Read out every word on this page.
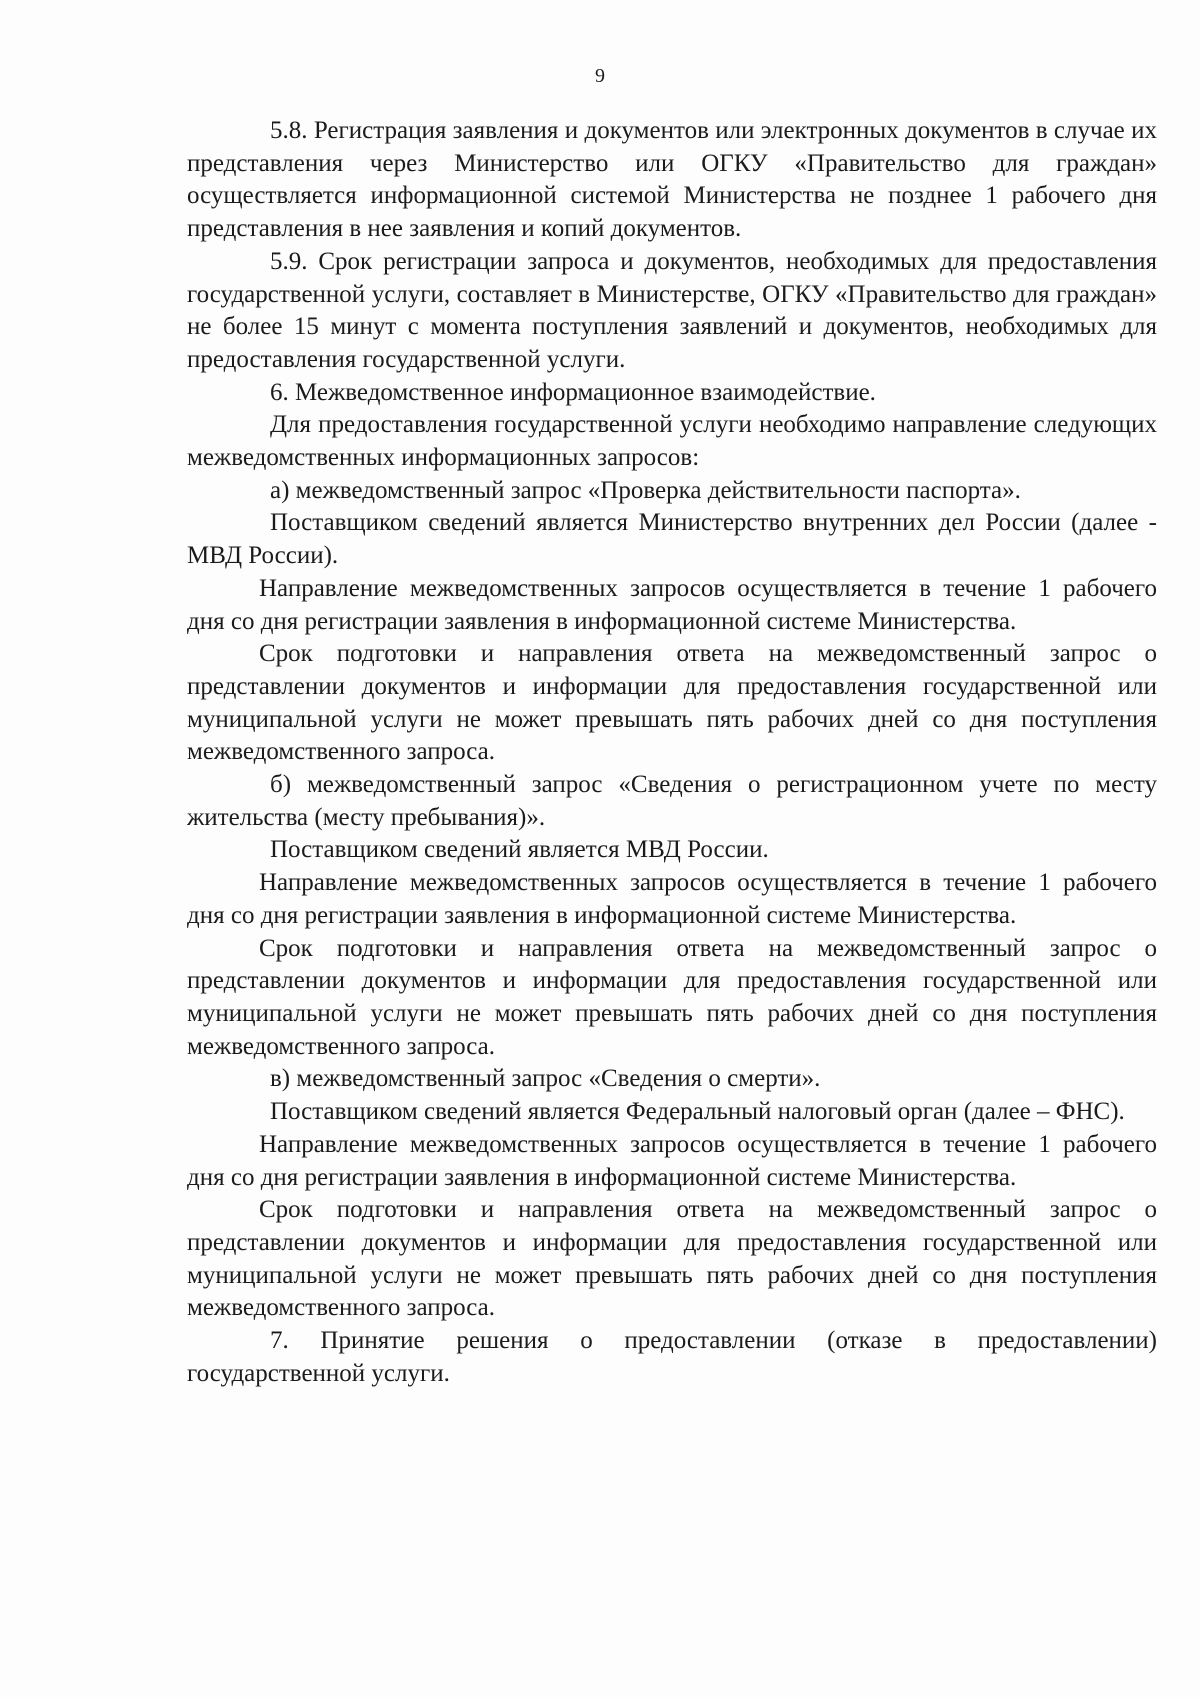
9

5.8. Регистрация заявления и документов или электронных документов в случае их представления через Министерство или ОГКУ «Правительство для граждан» осуществляется информационной системой Министерства не позднее 1 рабочего дня представления в нее заявления и копий документов.

5.9. Срок регистрации запроса и документов, необходимых для предоставления государственной услуги, составляет в Министерстве, ОГКУ «Правительство для граждан» не более 15 минут с момента поступления заявлений и документов, необходимых для предоставления государственной услуги.

6. Межведомственное информационное взаимодействие.

Для предоставления государственной услуги необходимо направление следующих межведомственных информационных запросов:

а) межведомственный запрос «Проверка действительности паспорта».

Поставщиком сведений является Министерство внутренних дел России (далее - МВД России).

Направление межведомственных запросов осуществляется в течение 1 рабочего дня со дня регистрации заявления в информационной системе Министерства.

Срок подготовки и направления ответа на межведомственный запрос о представлении документов и информации для предоставления государственной или муниципальной услуги не может превышать пять рабочих дней со дня поступления межведомственного запроса.

б) межведомственный запрос «Сведения о регистрационном учете по месту жительства (месту пребывания)».

Поставщиком сведений является МВД России.

Направление межведомственных запросов осуществляется в течение 1 рабочего дня со дня регистрации заявления в информационной системе Министерства.

Срок подготовки и направления ответа на межведомственный запрос о представлении документов и информации для предоставления государственной или муниципальной услуги не может превышать пять рабочих дней со дня поступления межведомственного запроса.

в) межведомственный запрос «Сведения о смерти».

Поставщиком сведений является Федеральный налоговый орган (далее – ФНС).

Направление межведомственных запросов осуществляется в течение 1 рабочего дня со дня регистрации заявления в информационной системе Министерства.

Срок подготовки и направления ответа на межведомственный запрос о представлении документов и информации для предоставления государственной или муниципальной услуги не может превышать пять рабочих дней со дня поступления межведомственного запроса.

7. Принятие решения о предоставлении (отказе в предоставлении) государственной услуги.
